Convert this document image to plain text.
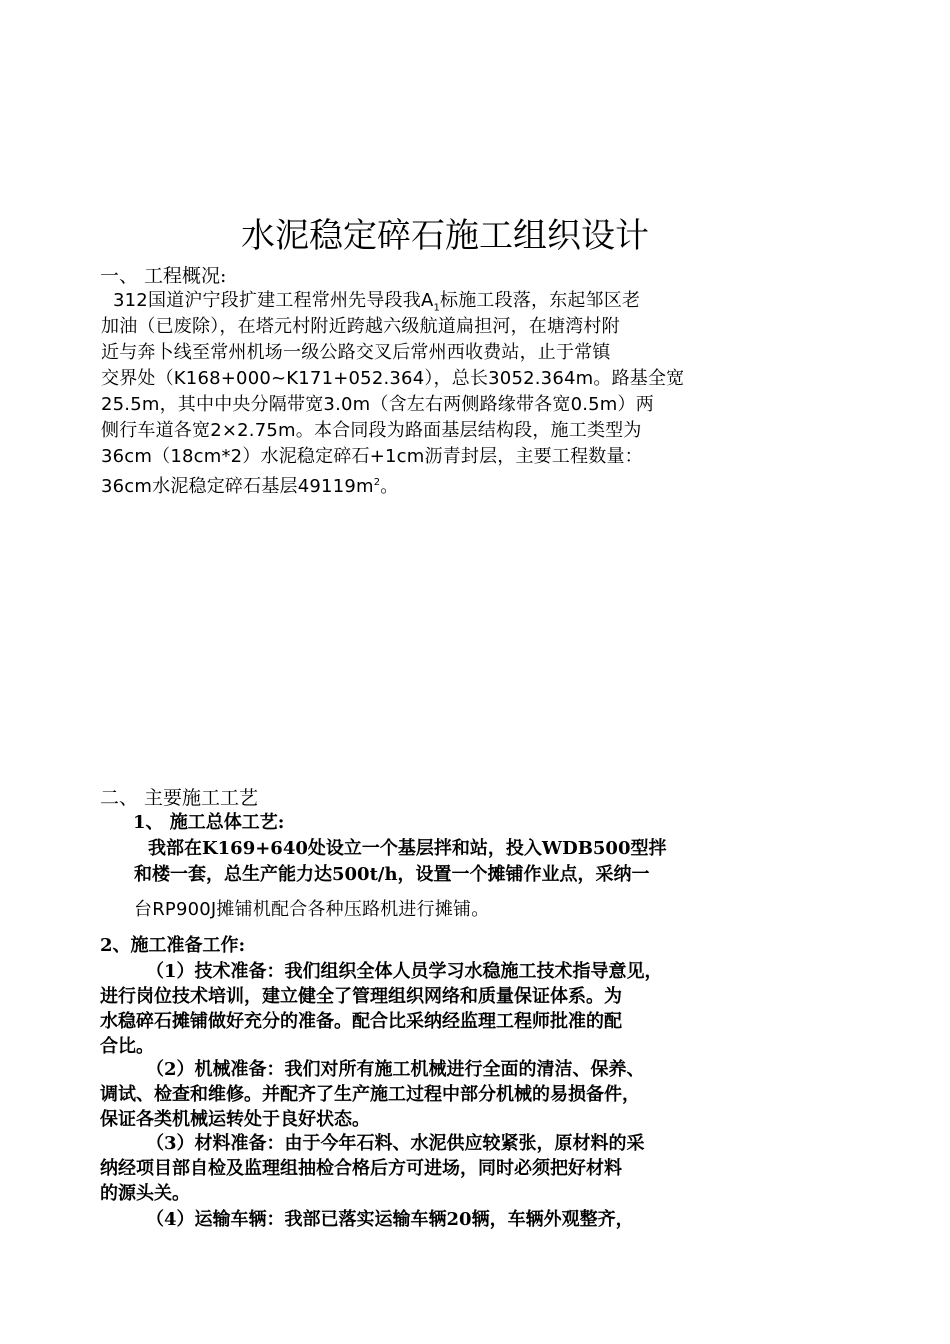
水泥稳定碎石施工组织设计
一、 工程概况:
312国道沪宁段扩建工程常州先导段我$A_1$标施工段落，东起邹区老
加油（已废除），在塔元村附近跨越六级航道扁担河，在塘湾村附
近与奔卜线至常州机场一级公路交叉后常州西收费站，止于常镇
交界处（K168+000~K171+052.364），总长3052.364m。路基全宽
25.5m，其中中央分隔带宽3.0m（含左右两侧路缘带各宽0.5m）两
侧行车道各宽2×2.75m。本合同段为路面基层结构段，施工类型为
36cm（18cm*2）水泥稳定碎石+1cm沥青封层，主要工程数量：
36cm水泥稳定碎石基层$49119m^2$。
二、 主要施工工艺
1、 施工总体工艺:
我部在K169+640处设立一个基层拌和站，投入WDB500型拌
和楼一套，总生产能力达500t/h，设置一个摊铺作业点，采纳一
台RP900J摊铺机配合各种压路机进行摊铺。
2、施工准备工作:
（1）技术准备：我们组织全体人员学习水稳施工技术指导意见，
进行岗位技术培训，建立健全了管理组织网络和质量保证体系。为
水稳碎石摊铺做好充分的准备。配合比采纳经监理工程师批准的配
合比。
（2）机械准备：我们对所有施工机械进行全面的清洁、保养、
调试、检查和维修。并配齐了生产施工过程中部分机械的易损备件，
保证各类机械运转处于良好状态。
（3）材料准备：由于今年石料、水泥供应较紧张，原材料的采
纳经项目部自检及监理组抽检合格后方可进场，同时必须把好材料
的源头关。
（4）运输车辆：我部已落实运输车辆20辆，车辆外观整齐，
